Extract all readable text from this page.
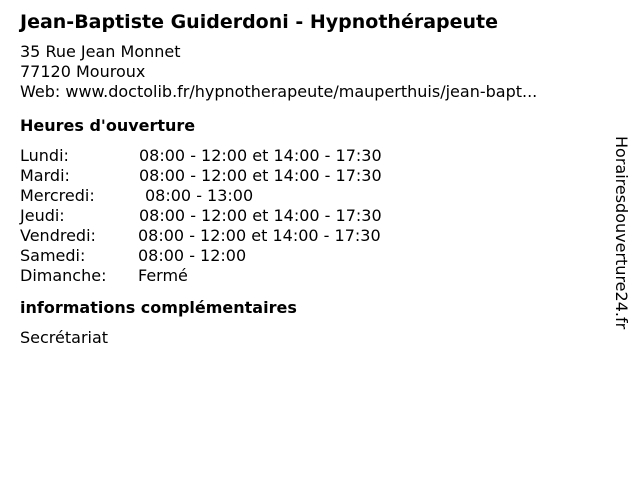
Jean-Baptiste Guiderdoni - Hypnothérapeute
35 Rue Jean Monnet
77120 Mouroux
Web: www.doctolib.fr/hypnotherapeute/mauperthuis/jean-bapt...
Heures d'ouverture
Lundi:	08:00 - 12:00 et 14:00 - 17:30
Mardi:	08:00 - 12:00 et 14:00 - 17:30
Mercredi:	08:00 - 13:00
Jeudi:	08:00 - 12:00 et 14:00 - 17:30
Vendredi:	08:00 - 12:00 et 14:00 - 17:30
Samedi:	08:00 - 12:00
Dimanche: Fermé
informations complémentaires
Secrétariat
Horairesdouverture24.fr
